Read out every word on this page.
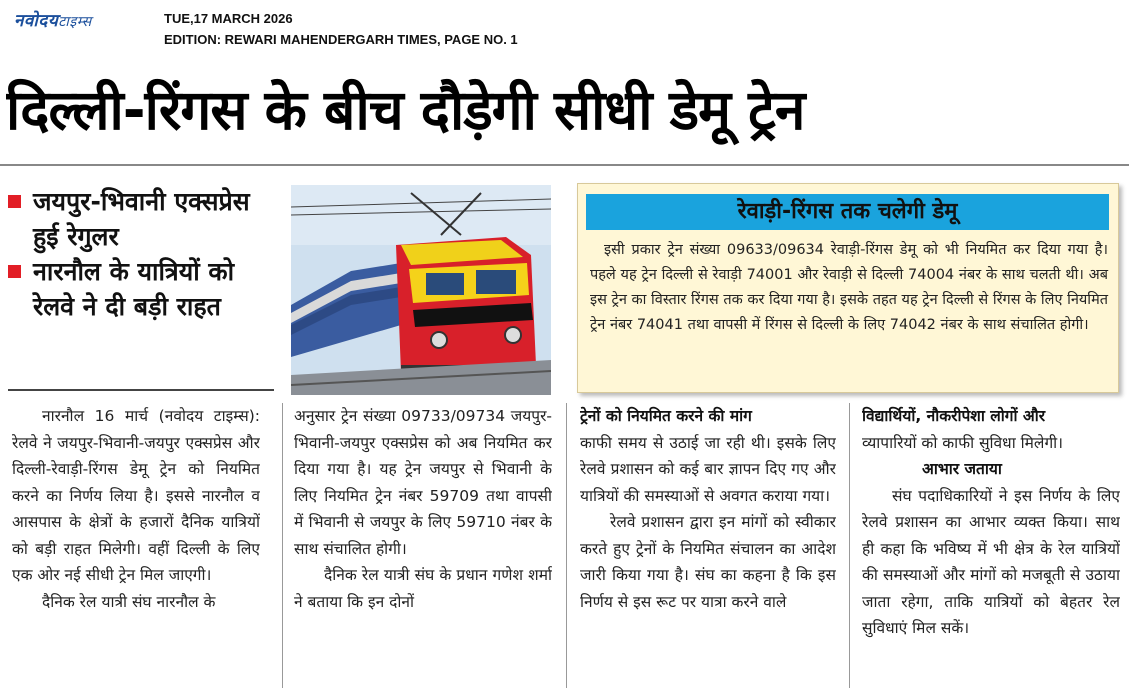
नवोदयटाइम्स	TUE,17 MARCH 2026
EDITION: REWARI MAHENDERGARH TIMES, PAGE NO. 1
दिल्ली-रिंगस के बीच दौड़ेगी सीधी डेमू ट्रेन
जयपुर-भिवानी एक्सप्रेस हुई रेगुलर
नारनौल के यात्रियों को रेलवे ने दी बड़ी राहत
रेवाड़ी-रिंगस तक चलेगी डेमू
इसी प्रकार ट्रेन संख्या 09633/09634 रेवाड़ी-रिंगस डेमू को भी नियमित कर दिया गया है। पहले यह ट्रेन दिल्ली से रेवाड़ी 74001 और रेवाड़ी से दिल्ली 74004 नंबर के साथ चलती थी। अब इस ट्रेन का विस्तार रिंगस तक कर दिया गया है। इसके तहत यह ट्रेन दिल्ली से रिंगस के लिए नियमित ट्रेन नंबर 74041 तथा वापसी में रिंगस से दिल्ली के लिए 74042 नंबर के साथ संचालित होगी।

नारनौल 16 मार्च (नवोदय टाइम्स): रेलवे ने जयपुर-भिवानी-जयपुर एक्सप्रेस और दिल्ली-रेवाड़ी-रिंगस डेमू ट्रेन को नियमित करने का निर्णय लिया है। इससे नारनौल व आसपास के क्षेत्रों के हजारों दैनिक यात्रियों को बड़ी राहत मिलेगी। वहीं दिल्ली के लिए एक ओर नई सीधी ट्रेन मिल जाएगी।

दैनिक रेल यात्री संघ नारनौल के

अनुसार ट्रेन संख्या 09733/09734 जयपुर-भिवानी-जयपुर एक्सप्रेस को अब नियमित कर दिया गया है। यह ट्रेन जयपुर से भिवानी के लिए नियमित ट्रेन नंबर 59709 तथा वापसी में भिवानी से जयपुर के लिए 59710 नंबर के साथ संचालित होगी।

दैनिक रेल यात्री संघ के प्रधान गणेश शर्मा ने बताया कि इन दोनों

ट्रेनों को नियमित करने की मांग

काफी समय से उठाई जा रही थी। इसके लिए रेलवे प्रशासन को कई बार ज्ञापन दिए गए और यात्रियों की समस्याओं से अवगत कराया गया।

रेलवे प्रशासन द्वारा इन मांगों को स्वीकार करते हुए ट्रेनों के नियमित संचालन का आदेश जारी किया गया है। संघ का कहना है कि इस निर्णय से इस रूट पर यात्रा करने वाले

विद्यार्थियों, नौकरीपेशा लोगों और

व्यापारियों को काफी सुविधा मिलेगी।

आभार जताया

संघ पदाधिकारियों ने इस निर्णय के लिए रेलवे प्रशासन का आभार व्यक्त किया। साथ ही कहा कि भविष्य में भी क्षेत्र के रेल यात्रियों की समस्याओं और मांगों को मजबूती से उठाया जाता रहेगा, ताकि यात्रियों को बेहतर रेल सुविधाएं मिल सकें।
